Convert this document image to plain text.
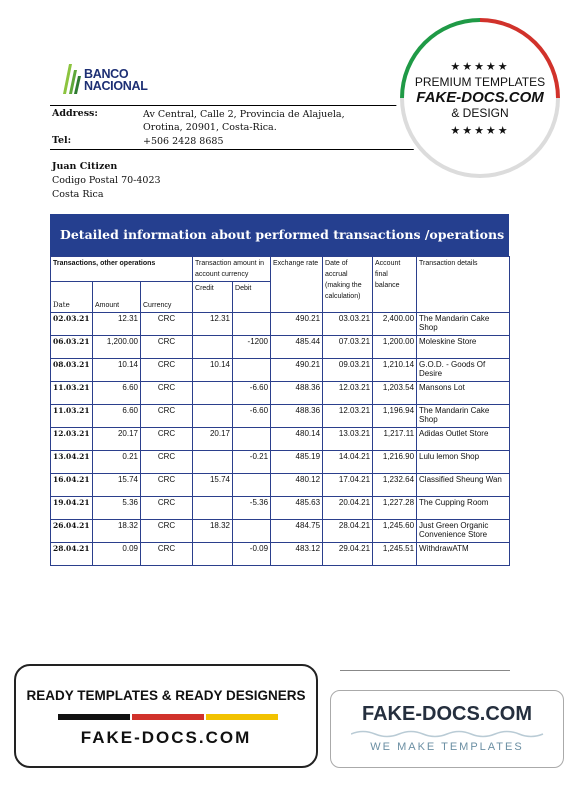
BANCO
NACIONAL
Address:	Av Central, Calle 2, Provincia de Alajuela,
Orotina, 20901, Costa-Rica.
Tel:	+506 2428 8685
Juan Citizen
Codigo Postal 70-4023
Costa Rica
★★★★★
PREMIUM TEMPLATES
FAKE-DOCS.COM
& DESIGN
★★★★★
Detailed information about performed transactions /operations
Transactions, other operations			Transaction amount in account currency		Exchange rate	Date of accrual (making the calculation)	Account final balance	Transaction details
Date	Amount	Currency	Credit	Debit				
02.03.21	12.31	CRC	12.31		490.21	03.03.21	2,400.00	The Mandarin Cake Shop
06.03.21	1,200.00	CRC		-1200	485.44	07.03.21	1,200.00	Moleskine Store
08.03.21	10.14	CRC	10.14		490.21	09.03.21	1,210.14	G.O.D. - Goods Of Desire
11.03.21	6.60	CRC		-6.60	488.36	12.03.21	1,203.54	Mansons Lot
11.03.21	6.60	CRC		-6.60	488.36	12.03.21	1,196.94	The Mandarin Cake Shop
12.03.21	20.17	CRC	20.17		480.14	13.03.21	1,217.11	Adidas Outlet Store
13.04.21	0.21	CRC		-0.21	485.19	14.04.21	1,216.90	Lulu lemon Shop
16.04.21	15.74	CRC	15.74		480.12	17.04.21	1,232.64	Classified Sheung Wan
19.04.21	5.36	CRC		-5.36	485.63	20.04.21	1,227.28	The Cupping Room
26.04.21	18.32	CRC	18.32		484.75	28.04.21	1,245.60	Just Green Organic Convenience Store
28.04.21	0.09	CRC		-0.09	483.12	29.04.21	1,245.51	WithdrawATM
READY TEMPLATES & READY DESIGNERS
FAKE-DOCS.COM
FAKE-DOCS.COM
WE MAKE TEMPLATES
